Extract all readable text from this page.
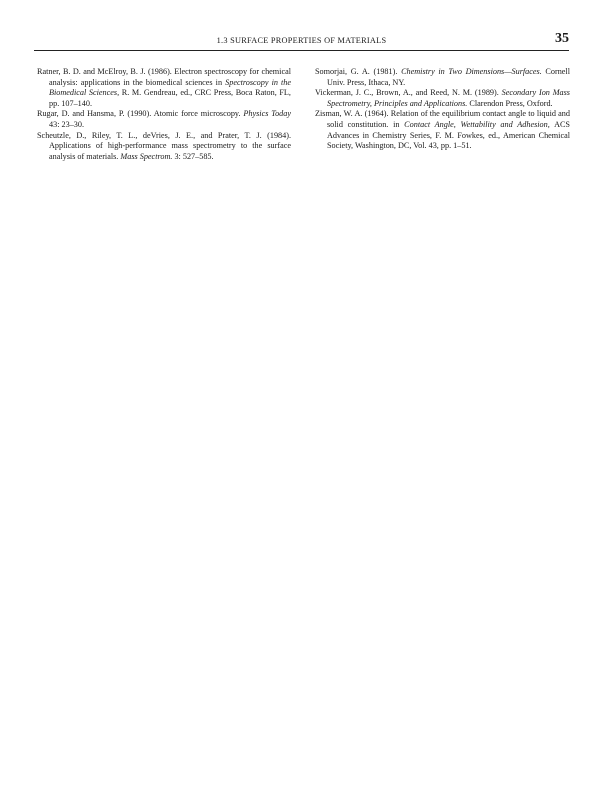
1.3 SURFACE PROPERTIES OF MATERIALS	35

Ratner, B. D. and McElroy, B. J. (1986). Electron spectroscopy for chemical analysis: applications in the biomedical sciences in Spectroscopy in the Biomedical Sciences, R. M. Gendreau, ed., CRC Press, Boca Raton, FL, pp. 107–140.

Rugar, D. and Hansma, P. (1990). Atomic force microscopy. Physics Today 43: 23–30.

Scheutzle, D., Riley, T. L., deVries, J. E., and Prater, T. J. (1984). Applications of high-performance mass spectrometry to the surface analysis of materials. Mass Spectrom. 3: 527–585.

Somorjai, G. A. (1981). Chemistry in Two Dimensions—Surfaces. Cornell Univ. Press, Ithaca, NY.

Vickerman, J. C., Brown, A., and Reed, N. M. (1989). Secondary Ion Mass Spectrometry, Principles and Applications. Clarendon Press, Oxford.

Zisman, W. A. (1964). Relation of the equilibrium contact angle to liquid and solid constitution. in Contact Angle, Wettability and Adhesion, ACS Advances in Chemistry Series, F. M. Fowkes, ed., American Chemical Society, Washington, DC, Vol. 43, pp. 1–51.
